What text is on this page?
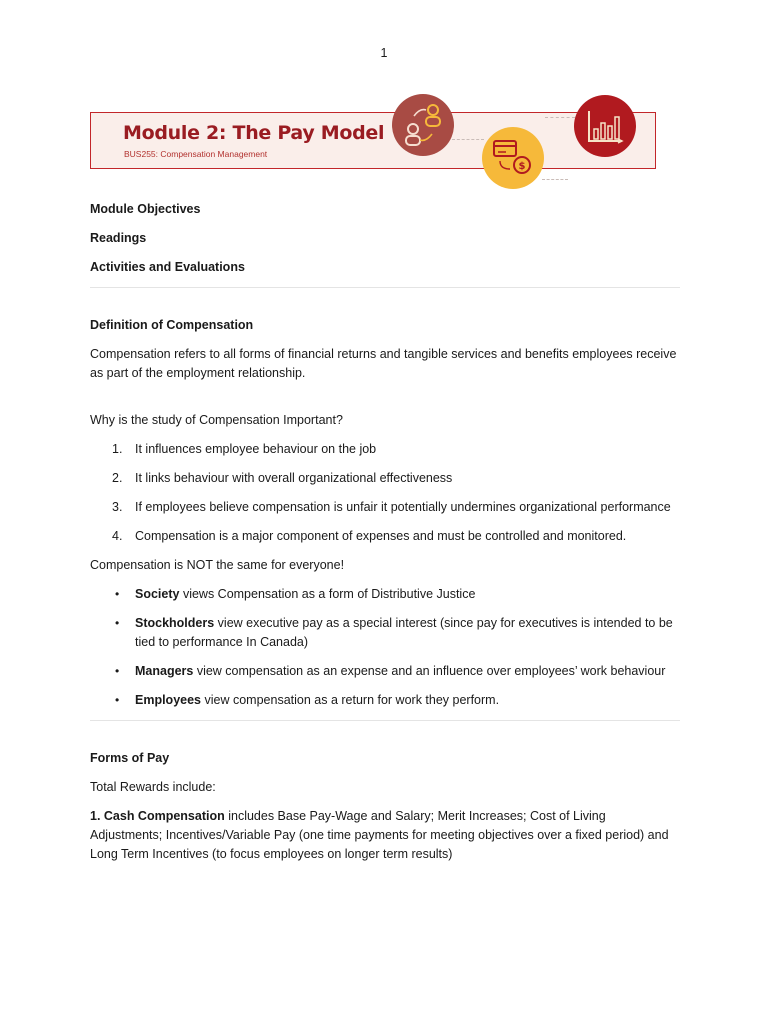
1
Module 2: The Pay Model
BUS255: Compensation Management
$

Module Objectives

Readings

Activities and Evaluations

Definition of Compensation

Compensation refers to all forms of financial returns and tangible services and benefits employees receive as part of the employment relationship.

Why is the study of Compensation Important?

1. It influences employee behaviour on the job
2. It links behaviour with overall organizational effectiveness
3. If employees believe compensation is unfair it potentially undermines organizational performance
4. Compensation is a major component of expenses and must be controlled and monitored.

Compensation is NOT the same for everyone!

• Society views Compensation as a form of Distributive Justice
• Stockholders view executive pay as a special interest (since pay for executives is intended to be tied to performance In Canada)
• Managers view compensation as an expense and an influence over employees’ work behaviour
• Employees view compensation as a return for work they perform.

Forms of Pay

Total Rewards include:

1. Cash Compensation includes Base Pay-Wage and Salary; Merit Increases; Cost of Living Adjustments; Incentives/Variable Pay (one time payments for meeting objectives over a fixed period) and Long Term Incentives (to focus employees on longer term results)
